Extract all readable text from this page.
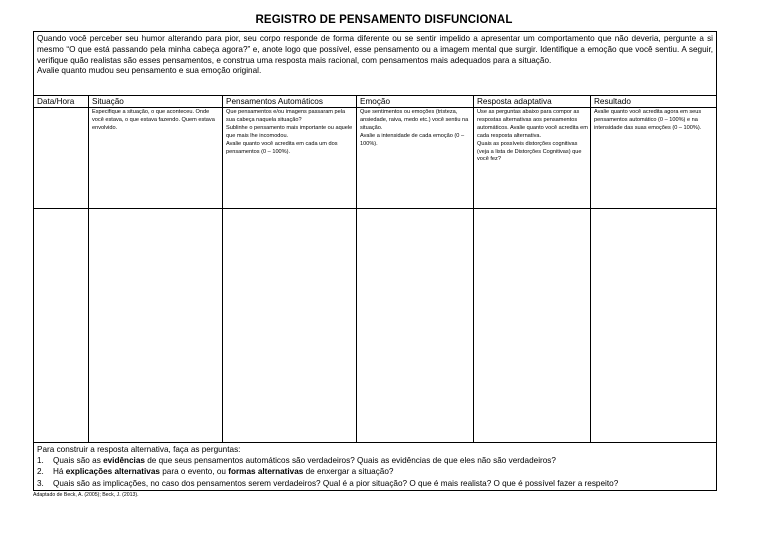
REGISTRO DE PENSAMENTO DISFUNCIONAL

Quando você perceber seu humor alterando para pior, seu corpo responde de forma diferente ou se sentir impelido a apresentar um comportamento que não deveria, pergunte a si mesmo “O que está passando pela minha cabeça agora?” e, anote logo que possível, esse pensamento ou a imagem mental que surgir. Identifique a emoção que você sentiu. A seguir, verifique quão realistas são esses pensamentos, e construa uma resposta mais racional, com pensamentos mais adequados para a situação.

Avalie quanto mudou seu pensamento e sua emoção original.

Data/Hora	Situação

Especifique a situação, o que aconteceu. Onde você estava, o que estava fazendo. Quem estava envolvido.

Pensamentos Automáticos

Que pensamentos e/ou imagens passaram pela sua cabeça naquela situação?

Sublinhe o pensamento mais importante ou aquele que mais lhe incomodou.

Avalie quanto você acredita em cada um dos pensamentos (0 – 100%).

Emoção

Que sentimentos ou emoções (tristeza, ansiedade, raiva, medo etc.) você sentiu na situação.

Avalie a intensidade de cada emoção (0 – 100%).

Resposta adaptativa

Use as perguntas abaixo para compor as respostas alternativas aos pensamentos automáticos. Avalie quanto você acredita em cada resposta alternativa.

Quais as possíveis distorções cognitivas (veja a lista de Distorções Cognitivas) que você fez?

Resultado

Avalie quanto você acredita agora em seus pensamentos automático (0 – 100%) e na intensidade das suas emoções (0 – 100%).

Para construir a resposta alternativa, faça as perguntas:

1. Quais são as evidências de que seus pensamentos automáticos são verdadeiros? Quais as evidências de que eles não são verdadeiros?

2. Há explicações alternativas para o evento, ou formas alternativas de enxergar a situação?

3. Quais são as implicações, no caso dos pensamentos serem verdadeiros? Qual é a pior situação? O que é mais realista? O que é possível fazer a respeito?

Adaptado de Beck, A. (2005); Beck, J. (2013).
